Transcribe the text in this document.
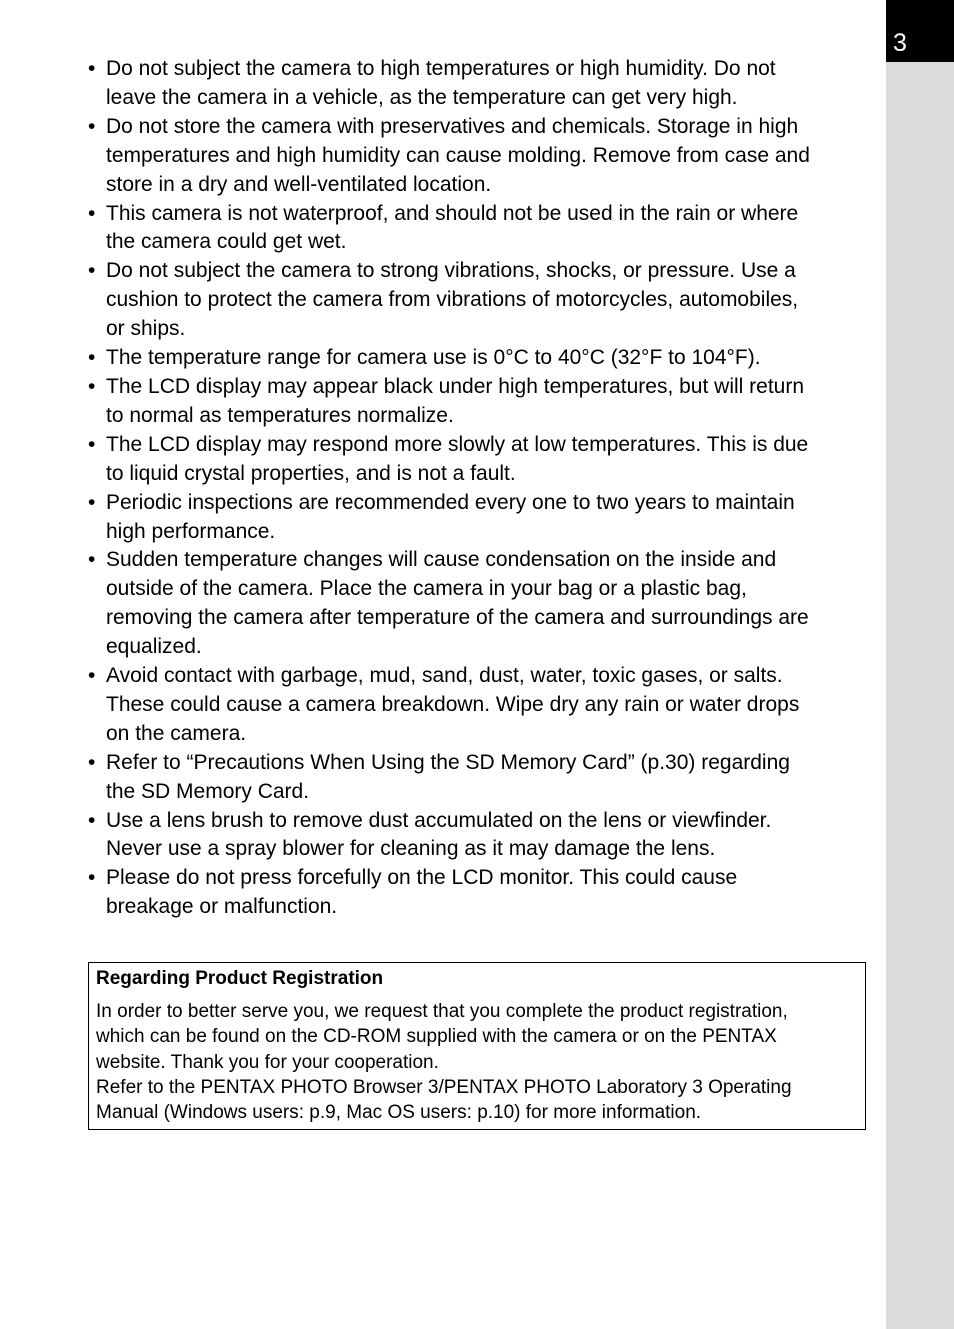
3
• Do not subject the camera to high temperatures or high humidity. Do not
leave the camera in a vehicle, as the temperature can get very high.
• Do not store the camera with preservatives and chemicals. Storage in high
temperatures and high humidity can cause molding. Remove from case and
store in a dry and well-ventilated location.
• This camera is not waterproof, and should not be used in the rain or where
the camera could get wet.
• Do not subject the camera to strong vibrations, shocks, or pressure. Use a
cushion to protect the camera from vibrations of motorcycles, automobiles,
or ships.
• The temperature range for camera use is 0°C to 40°C (32°F to 104°F).
• The LCD display may appear black under high temperatures, but will return
to normal as temperatures normalize.
• The LCD display may respond more slowly at low temperatures. This is due
to liquid crystal properties, and is not a fault.
• Periodic inspections are recommended every one to two years to maintain
high performance.
• Sudden temperature changes will cause condensation on the inside and
outside of the camera. Place the camera in your bag or a plastic bag,
removing the camera after temperature of the camera and surroundings are
equalized.
• Avoid contact with garbage, mud, sand, dust, water, toxic gases, or salts.
These could cause a camera breakdown. Wipe dry any rain or water drops
on the camera.
• Refer to “Precautions When Using the SD Memory Card” (p.30) regarding
the SD Memory Card.
• Use a lens brush to remove dust accumulated on the lens or viewfinder.
Never use a spray blower for cleaning as it may damage the lens.
• Please do not press forcefully on the LCD monitor. This could cause
breakage or malfunction.
Regarding Product Registration
In order to better serve you, we request that you complete the product registration,
which can be found on the CD-ROM supplied with the camera or on the PENTAX
website. Thank you for your cooperation.
Refer to the PENTAX PHOTO Browser 3/PENTAX PHOTO Laboratory 3 Operating
Manual (Windows users: p.9, Mac OS users: p.10) for more information.
